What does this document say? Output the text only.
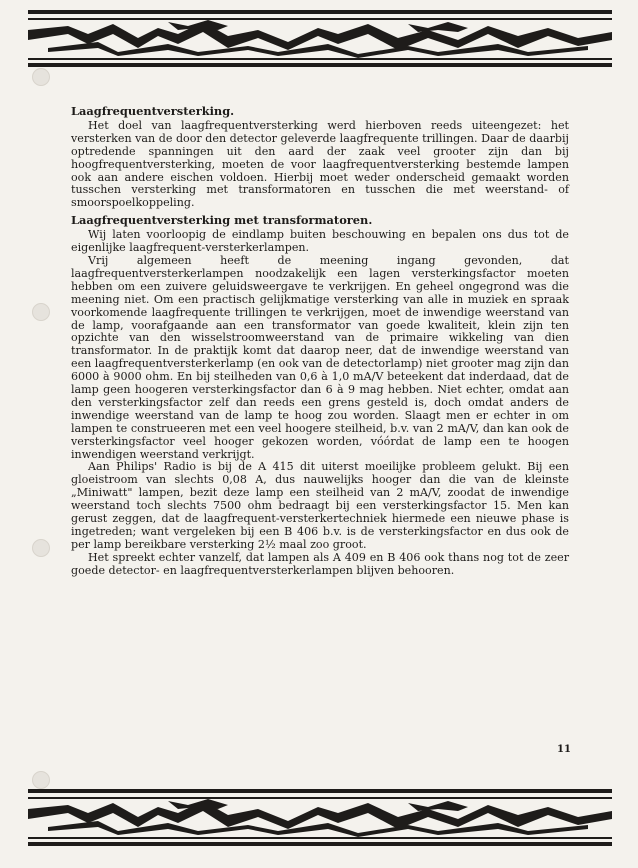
Laagfrequentversterking.

Het doel van laagfrequentversterking werd hierboven reeds uiteengezet: het versterken van de door den detector geleverde laagfrequente trillingen. Daar de daarbij optredende spanningen uit den aard der zaak veel grooter zijn dan bij hoogfrequentversterking, moeten de voor laagfrequentversterking bestemde lampen ook aan andere eischen voldoen. Hierbij moet weder onderscheid gemaakt worden tusschen versterking met transformatoren en tusschen die met weerstand- of smoorspoelkoppeling.

Laagfrequentversterking met transformatoren.

Wij laten voorloopig de eindlamp buiten beschouwing en bepalen ons dus tot de eigenlijke laagfrequent-versterkerlampen.

Vrij algemeen heeft de meening ingang gevonden, dat laagfrequentversterkerlampen noodzakelijk een lagen versterkingsfactor moeten hebben om een zuivere geluidsweergave te verkrijgen. En geheel ongegrond was die meening niet. Om een practisch gelijkmatige versterking van alle in muziek en spraak voorkomende laagfrequente trillingen te verkrijgen, moet de inwendige weerstand van de lamp, voorafgaande aan een transformator van goede kwaliteit, klein zijn ten opzichte van den wisselstroomweerstand van de primaire wikkeling van dien transformator. In de praktijk komt dat daarop neer, dat de inwendige weerstand van een laagfrequentversterkerlamp (en ook van de detectorlamp) niet grooter mag zijn dan 6000 à 9000 ohm. En bij steilheden van 0,6 à 1,0 mA/V beteekent dat inderdaad, dat de lamp geen hoogeren versterkingsfactor dan 6 à 9 mag hebben. Niet echter, omdat aan den versterkingsfactor zelf dan reeds een grens gesteld is, doch omdat anders de inwendige weerstand van de lamp te hoog zou worden. Slaagt men er echter in om lampen te construeeren met een veel hoogere steilheid, b.v. van 2 mA/V, dan kan ook de versterkingsfactor veel hooger gekozen worden, vóórdat de lamp een te hoogen inwendigen weerstand verkrijgt.

Aan Philips' Radio is bij de A 415 dit uiterst moeilijke probleem gelukt. Bij een gloeistroom van slechts 0,08 A, dus nauwelijks hooger dan die van de kleinste „Miniwatt" lampen, bezit deze lamp een steilheid van 2 mA/V, zoodat de inwendige weerstand toch slechts 7500 ohm bedraagt bij een versterkingsfactor 15. Men kan gerust zeggen, dat de laagfrequent-versterkertechniek hiermede een nieuwe phase is ingetreden; want vergeleken bij een B 406 b.v. is de versterkingsfactor en dus ook de per lamp bereikbare versterking 2½ maal zoo groot.

Het spreekt echter vanzelf, dat lampen als A 409 en B 406 ook thans nog tot de zeer goede detector- en laagfrequentversterkerlampen blijven behooren.

11
